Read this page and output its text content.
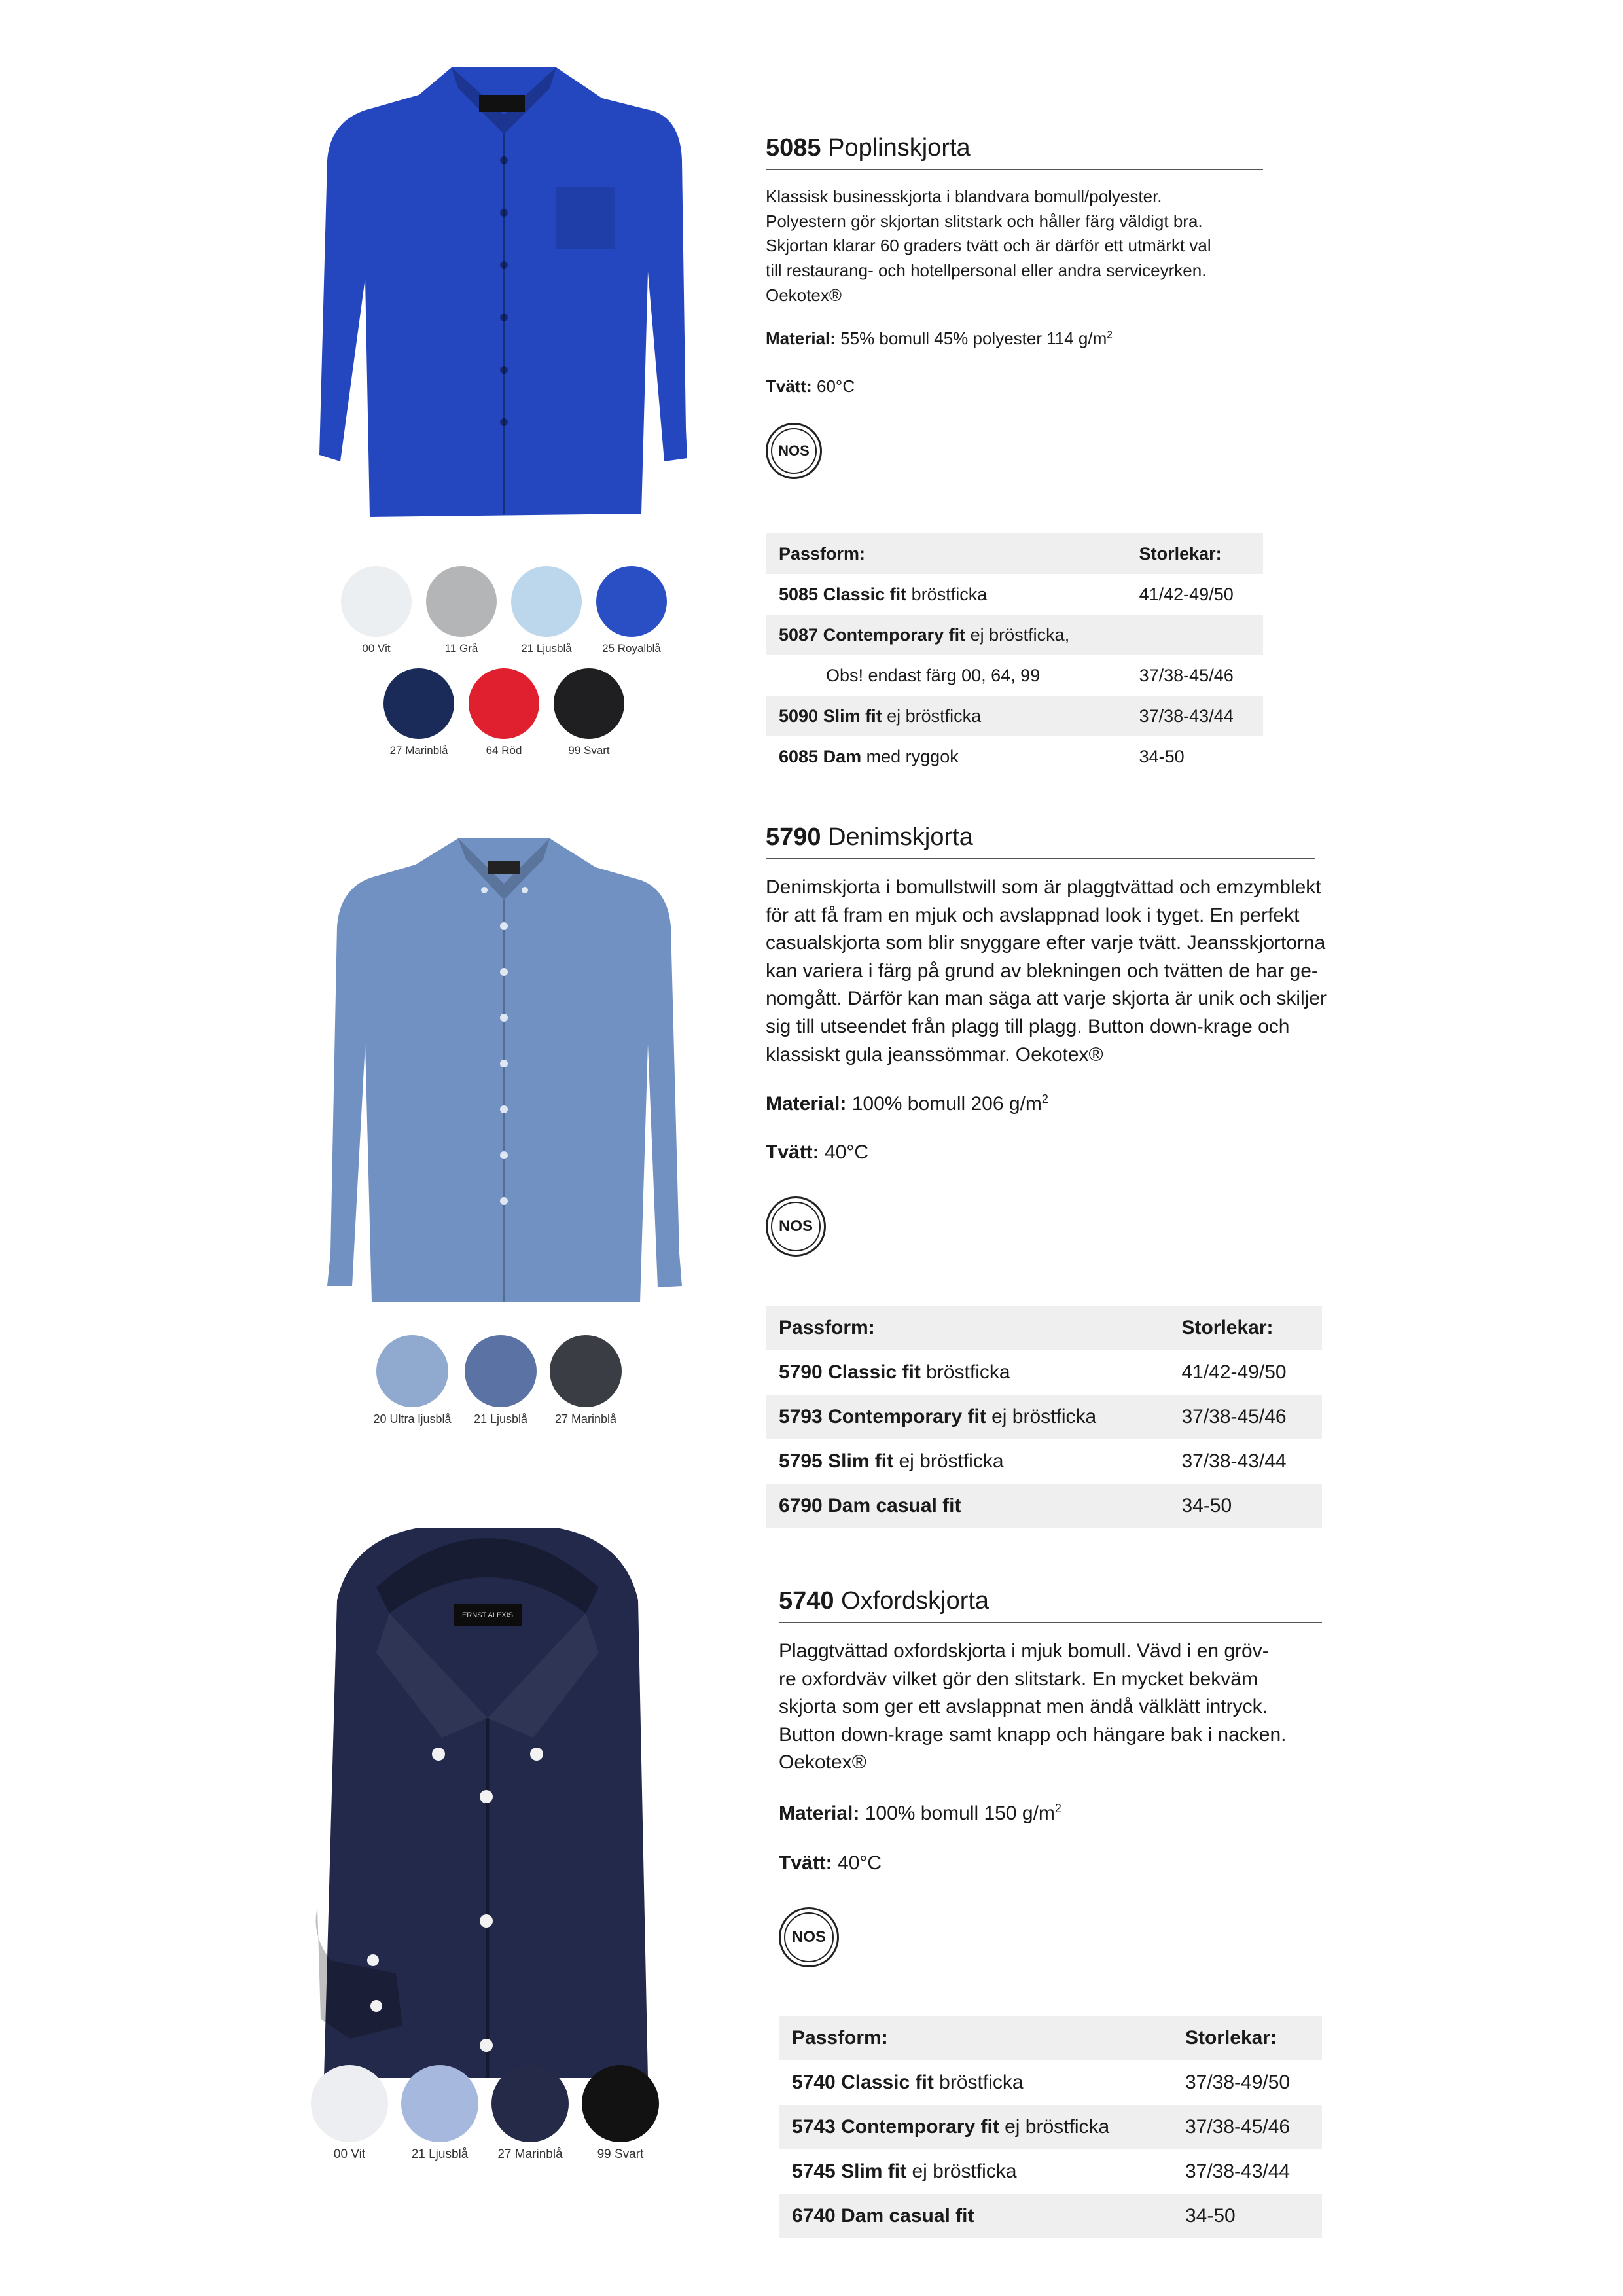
5085 Poplinskjorta
Klassisk businesskjorta i blandvara bomull/polyester.
Polyestern gör skjortan slitstark och håller färg väldigt bra.
Skjortan klarar 60 graders tvätt och är därför ett utmärkt val
till restaurang- och hotellpersonal eller andra serviceyrken.
Oekotex®
Material: 55% bomull 45% polyester 114 $g/m^2$
Tvätt: 60°C
NOS
Passform:	Storlekar:
5085 Classic fit bröstficka	41/42-49/50
5087 Contemporary fit ej bröstficka,	
Obs! endast färg 00, 64, 99	37/38-45/46
5090 Slim fit ej bröstficka	37/38-43/44
6085 Dam med ryggok	34-50
00 Vit	11 Grå	21 Ljusblå	25 Royalblå
27 Marinblå	64 Röd	99 Svart
5790 Denimskjorta
Denimskjorta i bomullstwill som är plaggtvättad och emzymblekt
för att få fram en mjuk och avslappnad look i tyget. En perfekt
casualskjorta som blir snyggare efter varje tvätt. Jeansskjortorna
kan variera i färg på grund av blekningen och tvätten de har ge-
nomgått. Därför kan man säga att varje skjorta är unik och skiljer
sig till utseendet från plagg till plagg. Button down-krage och
klassiskt gula jeanssömmar. Oekotex®
Material: 100% bomull 206 $g/m^2$
Tvätt: 40°C
NOS
Passform:	Storlekar:
5790 Classic fit bröstficka	41/42-49/50
5793 Contemporary fit ej bröstficka	37/38-45/46
5795 Slim fit ej bröstficka	37/38-43/44
6790 Dam casual fit	34-50
20 Ultra ljusblå 21 Ljusblå 27 Marinblå
ERNST ALEXIS
5740 Oxfordskjorta
Plaggtvättad oxfordskjorta i mjuk bomull. Vävd i en gröv-
re oxfordväv vilket gör den slitstark. En mycket bekväm
skjorta som ger ett avslappnat men ändå välklätt intryck.
Button down-krage samt knapp och hängare bak i nacken.
Oekotex®
Material: 100% bomull 150 $g/m^2$
Tvätt: 40°C
NOS
Passform:	Storlekar:
5740 Classic fit bröstficka	37/38-49/50
5743 Contemporary fit ej bröstficka	37/38-45/46
5745 Slim fit ej bröstficka	37/38-43/44
6740 Dam casual fit	34-50
00 Vit	21 Ljusblå 27 Marinblå	99 Svart
